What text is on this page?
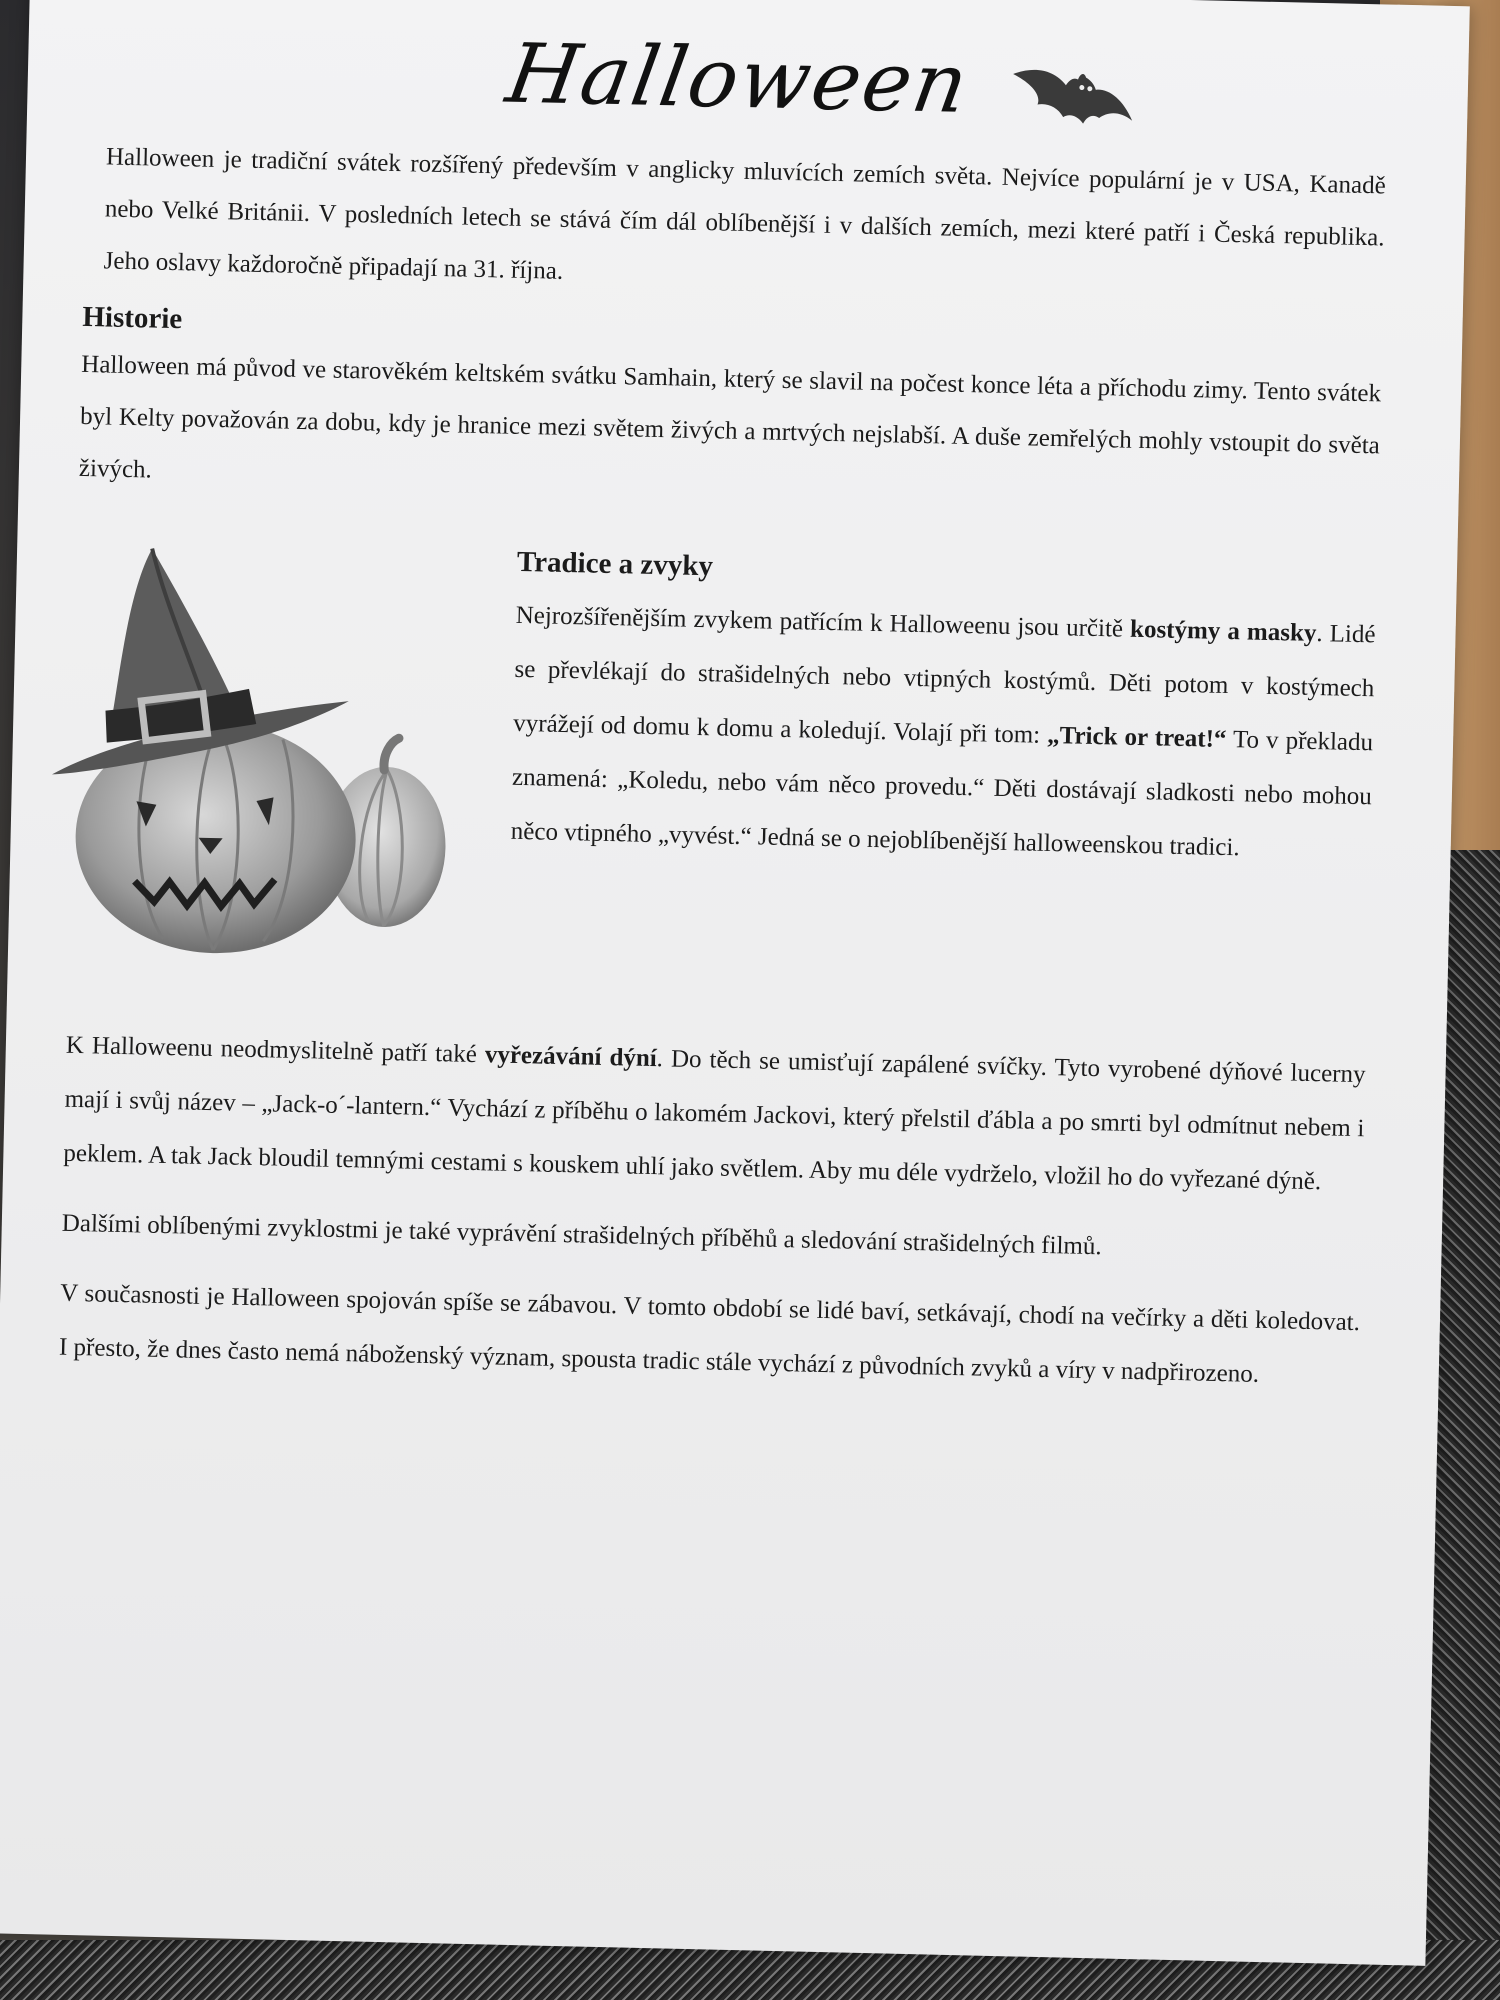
Halloween

Halloween je tradiční svátek rozšířený především v anglicky mluvících zemích světa. Nejvíce populární je v USA, Kanadě nebo Velké Británii. V posledních letech se stává čím dál oblíbenější i v dalších zemích, mezi které patří i Česká republika. Jeho oslavy každoročně připadají na 31. října.

Historie

Halloween má původ ve starověkém keltském svátku Samhain, který se slavil na počest konce léta a příchodu zimy. Tento svátek byl Kelty považován za dobu, kdy je hranice mezi světem živých a mrtvých nejslabší. A duše zemřelých mohly vstoupit do světa živých.

Tradice a zvyky

Nejrozšířenějším zvykem patřícím k Halloweenu jsou určitě kostýmy a masky. Lidé se převlékají do strašidelných nebo vtipných kostýmů. Děti potom v kostýmech vyrážejí od domu k domu a koledují. Volají při tom: „Trick or treat!“ To v překladu znamená: „Koledu, nebo vám něco provedu.“ Děti dostávají sladkosti nebo mohou něco vtipného „vyvést.“ Jedná se o nejoblíbenější halloweenskou tradici.

K Halloweenu neodmyslitelně patří také vyřezávání dýní. Do těch se umisťují zapálené svíčky. Tyto vyrobené dýňové lucerny mají i svůj název – „Jack-o´-lantern.“ Vychází z příběhu o lakomém Jackovi, který přelstil ďábla a po smrti byl odmítnut nebem i peklem. A tak Jack bloudil temnými cestami s kouskem uhlí jako světlem. Aby mu déle vydrželo, vložil ho do vyřezané dýně.

Dalšími oblíbenými zvyklostmi je také vyprávění strašidelných příběhů a sledování strašidelných filmů.

V současnosti je Halloween spojován spíše se zábavou. V tomto období se lidé baví, setkávají, chodí na večírky a děti koledovat. I přesto, že dnes často nemá náboženský význam, spousta tradic stále vychází z původních zvyků a víry v nadpřirozeno.
